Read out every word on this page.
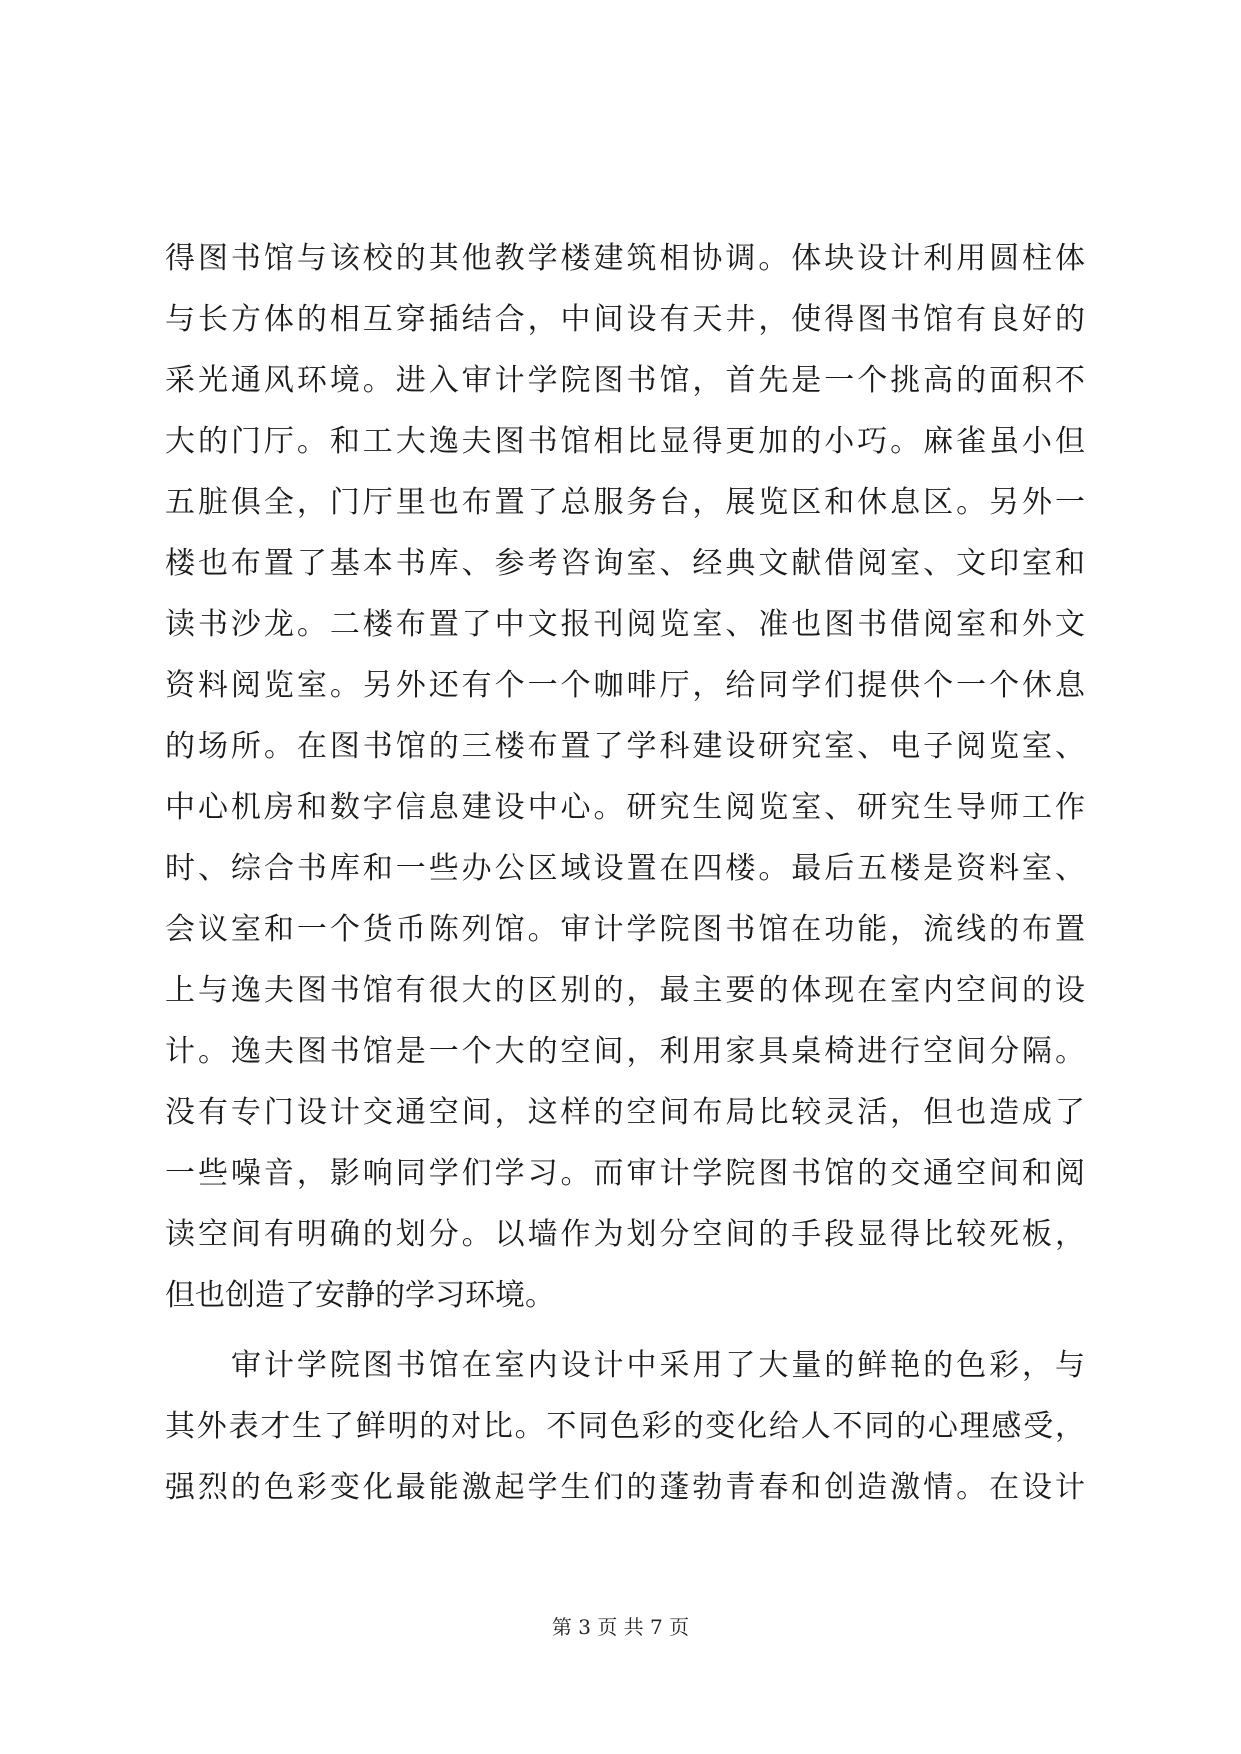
得图书馆与该校的其他教学楼建筑相协调。体块设计利用圆柱体
与长方体的相互穿插结合，中间设有天井，使得图书馆有良好的
采光通风环境。进入审计学院图书馆，首先是一个挑高的面积不
大的门厅。和工大逸夫图书馆相比显得更加的小巧。麻雀虽小但
五脏俱全，门厅里也布置了总服务台，展览区和休息区。另外一
楼也布置了基本书库、参考咨询室、经典文献借阅室、文印室和
读书沙龙。二楼布置了中文报刊阅览室、准也图书借阅室和外文
资料阅览室。另外还有个一个咖啡厅，给同学们提供个一个休息
的场所。在图书馆的三楼布置了学科建设研究室、电子阅览室、
中心机房和数字信息建设中心。研究生阅览室、研究生导师工作
时、综合书库和一些办公区域设置在四楼。最后五楼是资料室、
会议室和一个货币陈列馆。审计学院图书馆在功能，流线的布置
上与逸夫图书馆有很大的区别的，最主要的体现在室内空间的设
计。逸夫图书馆是一个大的空间，利用家具桌椅进行空间分隔。
没有专门设计交通空间，这样的空间布局比较灵活，但也造成了
一些噪音，影响同学们学习。而审计学院图书馆的交通空间和阅
读空间有明确的划分。以墙作为划分空间的手段显得比较死板，
但也创造了安静的学习环境。
审计学院图书馆在室内设计中采用了大量的鲜艳的色彩，与
其外表才生了鲜明的对比。不同色彩的变化给人不同的心理感受，
强烈的色彩变化最能激起学生们的蓬勃青春和创造激情。在设计
第 3 页 共 7 页
